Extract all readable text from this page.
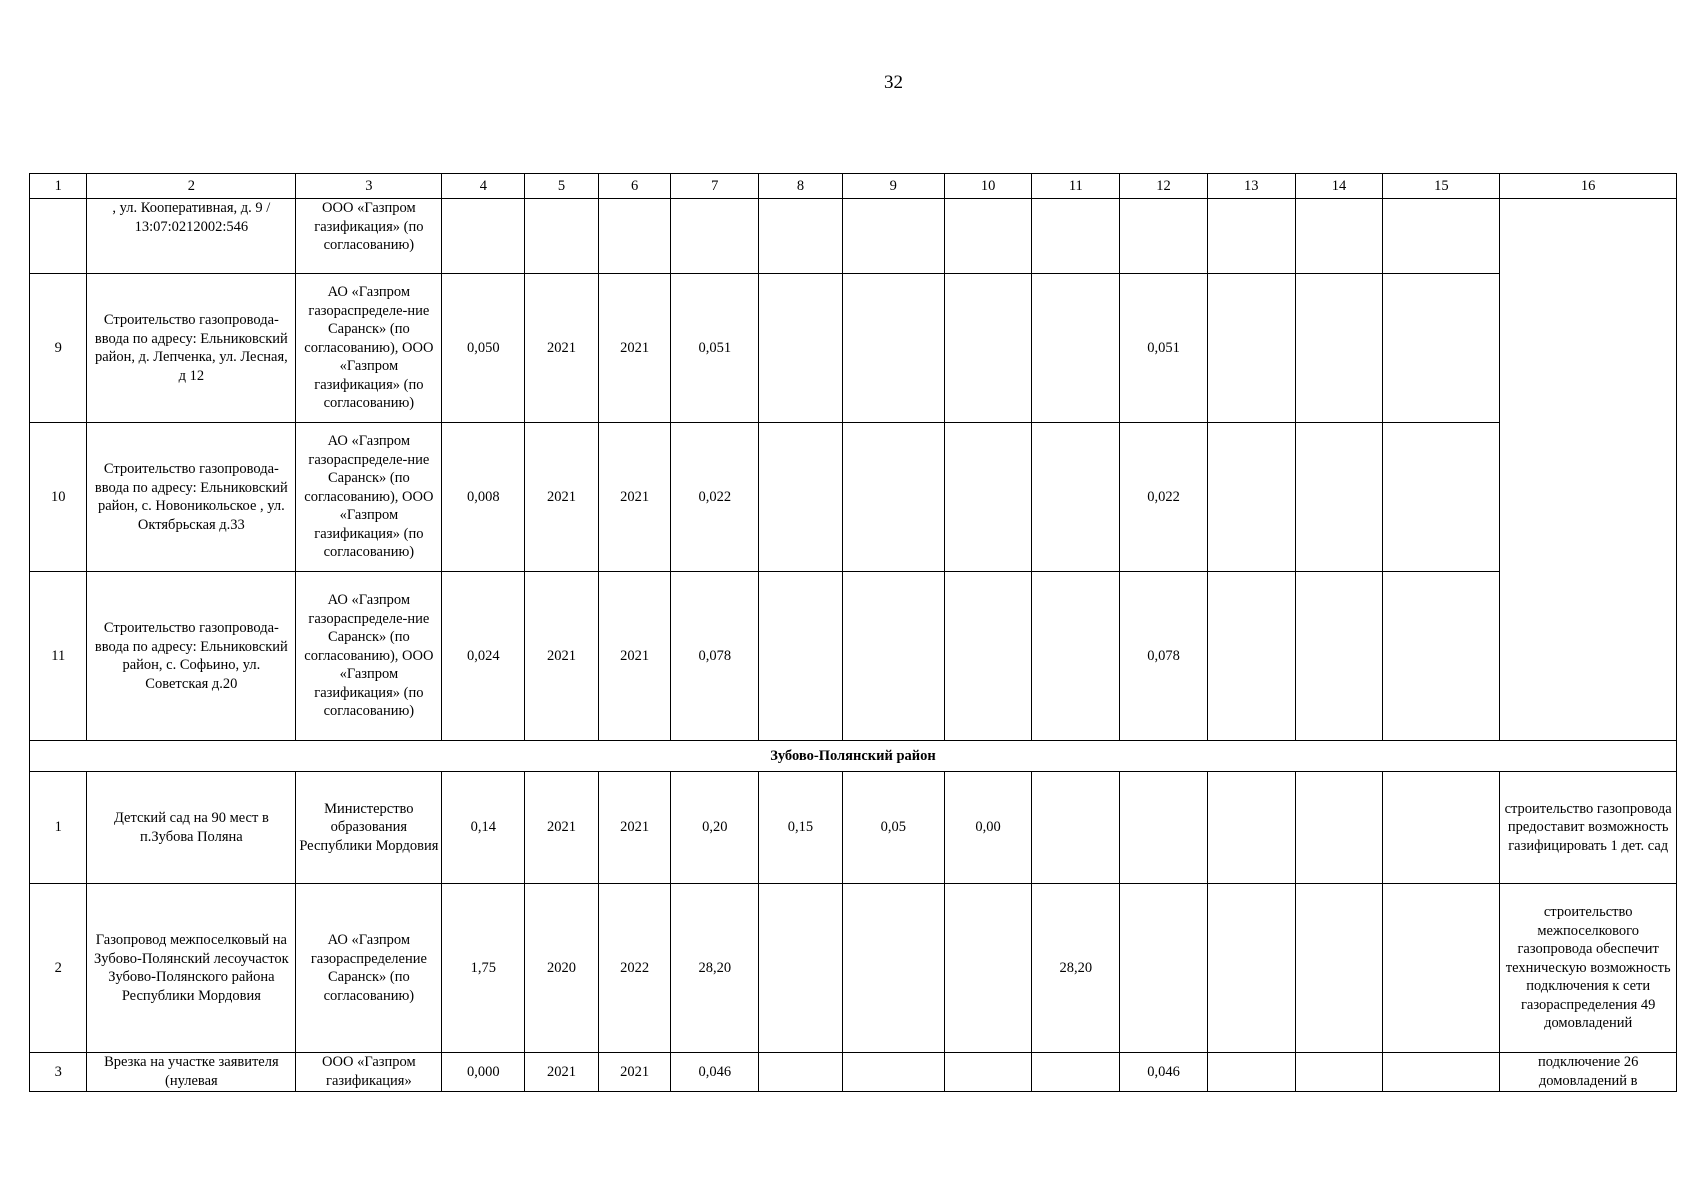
32
1	2	3	4	5	6	7	8	9	10	11	12	13	14	15	16
	, ул. Кооперативная, д. 9 / 13:07:0212002:546	ООО «Газпром газификация» (по согласованию)													
9	Строительство газопровода-ввода по адресу: Ельниковский район, д. Лепченка, ул. Лесная, д 12	АО «Газпром газораспределе-ние Саранск» (по согласованию), ООО «Газпром газификация» (по согласованию)	0,050	2021	2021	0,051					0,051				
10	Строительство газопровода-ввода по адресу: Ельниковский район, с. Новоникольское , ул. Октябрьская д.33	АО «Газпром газораспределе-ние Саранск» (по согласованию), ООО «Газпром газификация» (по согласованию)	0,008	2021	2021	0,022					0,022				
11	Строительство газопровода-ввода по адресу: Ельниковский район, с. Софьино, ул. Советская д.20	АО «Газпром газораспределе-ние Саранск» (по согласованию), ООО «Газпром газификация» (по согласованию)	0,024	2021	2021	0,078					0,078				
Зубово-Полянский район															
1	Детский сад на 90 мест в п.Зубова Поляна	Министерство образования Республики Мордовия	0,14	2021	2021	0,20	0,15	0,05	0,00						строительство газопровода предоставит возможность газифицировать 1 дет. сад
2	Газопровод межпоселковый на Зубово-Полянский лесоучасток Зубово-Полянского района Республики Мордовия	АО «Газпром газораспределение Саранск» (по согласованию)	1,75	2020	2022	28,20				28,20					строительство межпоселкового газопровода обеспечит техническую возможность подключения к сети газораспределения 49 домовладений
3	Врезка на участке заявителя (нулевая	ООО «Газпром газификация»	0,000	2021	2021	0,046					0,046				подключение 26 домовладений в
